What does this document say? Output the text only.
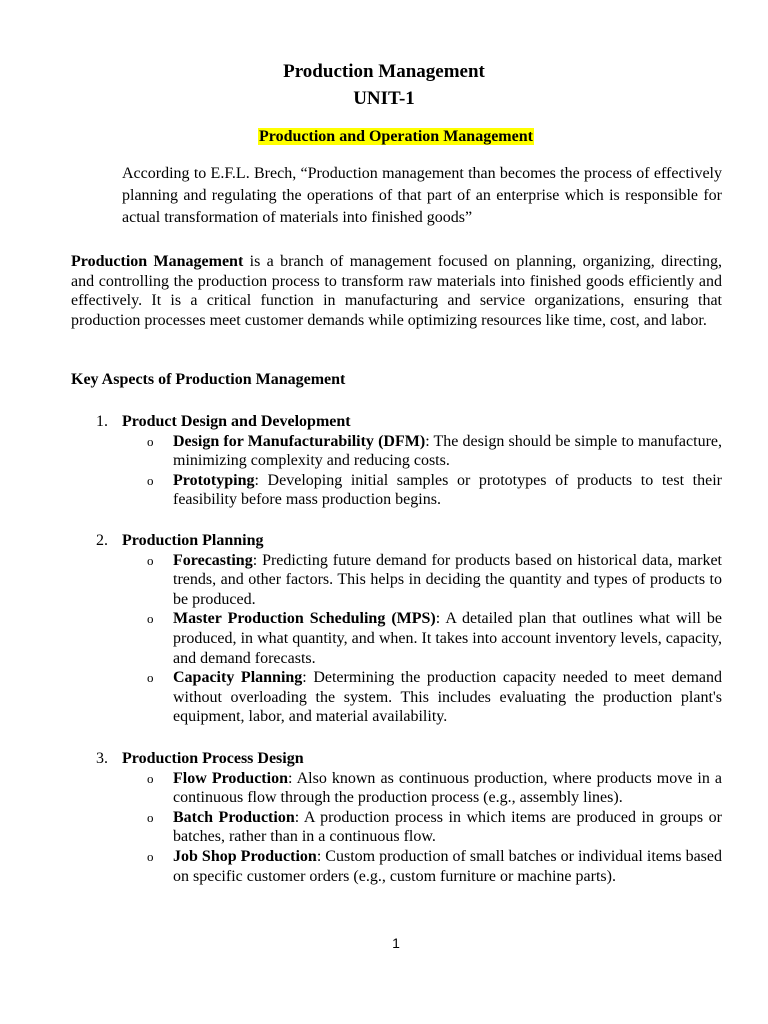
Production Management
UNIT-1
Production and Operation Management
According to E.F.L. Brech, “Production management than becomes the process of effectively planning and regulating the operations of that part of an enterprise which is responsible for actual transformation of materials into finished goods”
Production Management is a branch of management focused on planning, organizing, directing, and controlling the production process to transform raw materials into finished goods efficiently and effectively. It is a critical function in manufacturing and service organizations, ensuring that production processes meet customer demands while optimizing resources like time, cost, and labor.
Key Aspects of Production Management
1. Product Design and Development
o Design for Manufacturability (DFM): The design should be simple to manufacture, minimizing complexity and reducing costs.
o Prototyping: Developing initial samples or prototypes of products to test their feasibility before mass production begins.
2. Production Planning
o Forecasting: Predicting future demand for products based on historical data, market trends, and other factors. This helps in deciding the quantity and types of products to be produced.
o Master Production Scheduling (MPS): A detailed plan that outlines what will be produced, in what quantity, and when. It takes into account inventory levels, capacity, and demand forecasts.
o Capacity Planning: Determining the production capacity needed to meet demand without overloading the system. This includes evaluating the production plant's equipment, labor, and material availability.
3. Production Process Design
o Flow Production: Also known as continuous production, where products move in a continuous flow through the production process (e.g., assembly lines).
o Batch Production: A production process in which items are produced in groups or batches, rather than in a continuous flow.
o Job Shop Production: Custom production of small batches or individual items based on specific customer orders (e.g., custom furniture or machine parts).
1
